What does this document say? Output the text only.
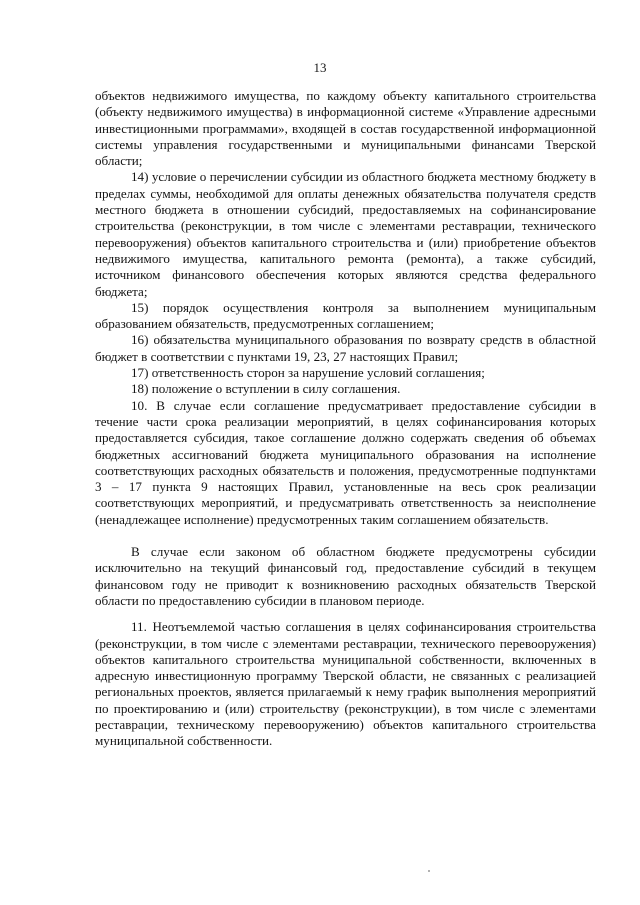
13

объектов недвижимого имущества, по каждому объекту капитального строительства (объекту недвижимого имущества) в информационной системе «Управление адресными инвестиционными программами», входящей в состав государственной информационной системы управления государственными и муниципальными финансами Тверской области;

14) условие о перечислении субсидии из областного бюджета местному бюджету в пределах суммы, необходимой для оплаты денежных обязательства получателя средств местного бюджета в отношении субсидий, предоставляемых на софинансирование строительства (реконструкции, в том числе с элементами реставрации, технического перевооружения) объектов капитального строительства и (или) приобретение объектов недвижимого имущества, капитального ремонта (ремонта), а также субсидий, источником финансового обеспечения которых являются средства федерального бюджета;

15) порядок осуществления контроля за выполнением муниципальным образованием обязательств, предусмотренных соглашением;

16) обязательства муниципального образования по возврату средств в областной бюджет в соответствии с пунктами 19, 23, 27 настоящих Правил;

17) ответственность сторон за нарушение условий соглашения;

18) положение о вступлении в силу соглашения.

10. В случае если соглашение предусматривает предоставление субсидии в течение части срока реализации мероприятий, в целях софинансирования которых предоставляется субсидия, такое соглашение должно содержать сведения об объемах бюджетных ассигнований бюджета муниципального образования на исполнение соответствующих расходных обязательств и положения, предусмотренные подпунктами 3 – 17 пункта 9 настоящих Правил, установленные на весь срок реализации соответствующих мероприятий, и предусматривать ответственность за неисполнение (ненадлежащее исполнение) предусмотренных таким соглашением обязательств.

В случае если законом об областном бюджете предусмотрены субсидии исключительно на текущий финансовый год, предоставление субсидий в текущем финансовом году не приводит к возникновению расходных обязательств Тверской области по предоставлению субсидии в плановом периоде.

11. Неотъемлемой частью соглашения в целях софинансирования строительства (реконструкции, в том числе с элементами реставрации, технического перевооружения) объектов капитального строительства муниципальной собственности, включенных в адресную инвестиционную программу Тверской области, не связанных с реализацией региональных проектов, является прилагаемый к нему график выполнения мероприятий по проектированию и (или) строительству (реконструкции), в том числе с элементами реставрации, техническому перевооружению) объектов капитального строительства муниципальной собственности.
